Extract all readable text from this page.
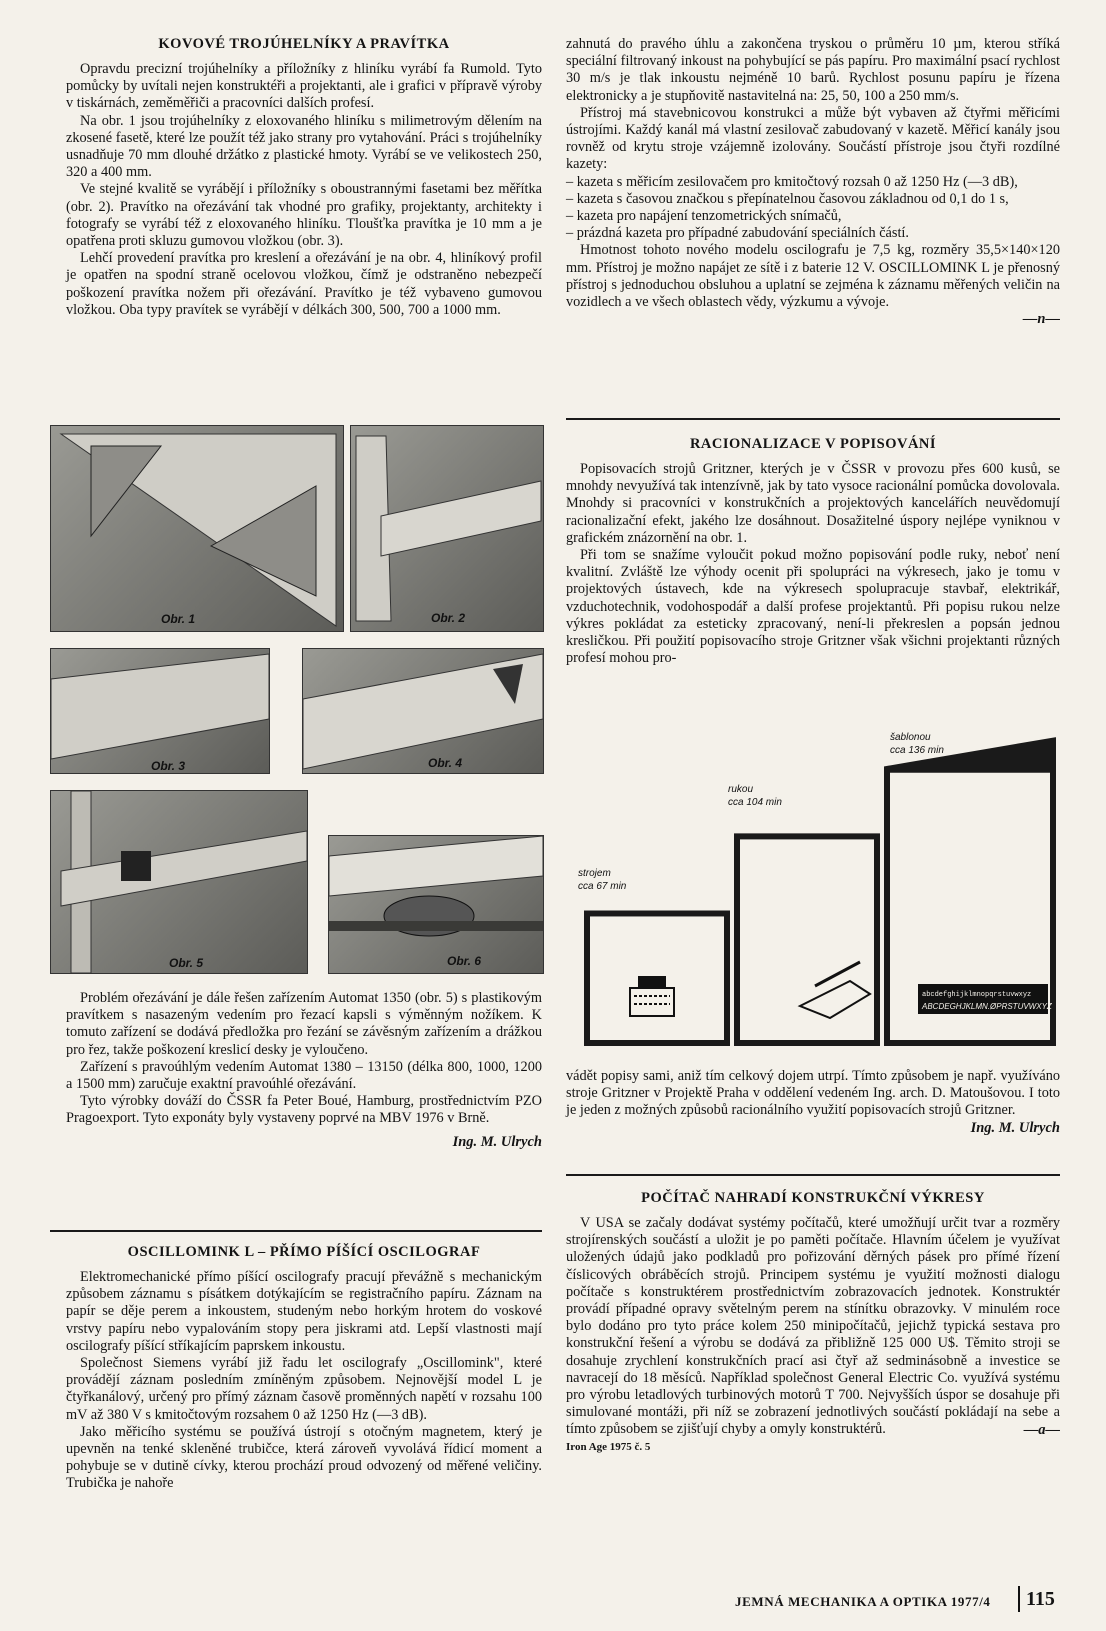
KOVOVÉ TROJÚHELNÍKY A PRAVÍTKA

Opravdu precizní trojúhelníky a příložníky z hliníku vyrábí fa Rumold. Tyto pomůcky by uvítali nejen konstruktéři a projektanti, ale i grafici v přípravě výroby v tiskárnách, zeměměřiči a pracovníci dalších profesí.

Na obr. 1 jsou trojúhelníky z eloxovaného hliníku s milimetrovým dělením na zkosené fasetě, které lze použít též jako strany pro vytahování. Práci s trojúhelníky usnadňuje 70 mm dlouhé držátko z plastické hmoty. Vyrábí se ve velikostech 250, 320 a 400 mm.

Ve stejné kvalitě se vyrábějí i příložníky s oboustrannými fasetami bez měřítka (obr. 2). Pravítko na ořezávání tak vhodné pro grafiky, projektanty, architekty i fotografy se vyrábí též z eloxovaného hliníku. Tloušťka pravítka je 10 mm a je opatřena proti skluzu gumovou vložkou (obr. 3).

Lehčí provedení pravítka pro kreslení a ořezávání je na obr. 4, hliníkový profil je opatřen na spodní straně ocelovou vložkou, čímž je odstraněno nebezpečí poškození pravítka nožem při ořezávání. Pravítko je též vybaveno gumovou vložkou. Oba typy pravítek se vyrábějí v délkách 300, 500, 700 a 1000 mm.

Obr. 1	Obr. 2
Obr. 3	Obr. 4
Obr. 5	Obr. 6

Problém ořezávání je dále řešen zařízením Automat 1350 (obr. 5) s plastikovým pravítkem s nasazeným vedením pro řezací kapsli s výměnným nožíkem. K tomuto zařízení se dodává předložka pro řezání se závěsným zařízením a drážkou pro řez, takže poškození kreslicí desky je vyloučeno.

Zařízení s pravoúhlým vedením Automat 1380 – 13150 (délka 800, 1000, 1200 a 1500 mm) zaručuje exaktní pravoúhlé ořezávání.

Tyto výrobky dováží do ČSSR fa Peter Boué, Hamburg, prostřednictvím PZO Pragoexport. Tyto exponáty byly vystaveny poprvé na MBV 1976 v Brně.

Ing. M. Ulrych
OSCILLOMINK L – PŘÍMO PÍŠÍCÍ OSCILOGRAF

Elektromechanické přímo píšící oscilografy pracují převážně s mechanickým způsobem záznamu s písátkem dotýkajícím se registračního papíru. Záznam na papír se děje perem a inkoustem, studeným nebo horkým hrotem do voskové vrstvy papíru nebo vypalováním stopy pera jiskrami atd. Lepší vlastnosti mají oscilografy píšící stříkajícím paprskem inkoustu.

Společnost Siemens vyrábí již řadu let oscilografy „Oscillomink", které provádějí záznam posledním zmíněným způsobem. Nejnovější model L je čtyřkanálový, určený pro přímý záznam časově proměnných napětí v rozsahu 100 mV až 380 V s kmitočtovým rozsahem 0 až 1250 Hz (—3 dB).

Jako měřicího systému se používá ústrojí s otočným magnetem, který je upevněn na tenké skleněné trubičce, která zároveň vyvolává řídicí moment a pohybuje se v dutině cívky, kterou prochází proud odvozený od měřené veličiny. Trubička je nahoře

zahnutá do pravého úhlu a zakončena tryskou o průměru 10 µm, kterou stříká speciální filtrovaný inkoust na pohybující se pás papíru. Pro maximální psací rychlost 30 m/s je tlak inkoustu nejméně 10 barů. Rychlost posunu papíru je řízena elektronicky a je stupňovitě nastavitelná na: 25, 50, 100 a 250 mm/s.

Přístroj má stavebnicovou konstrukci a může být vybaven až čtyřmi měřicími ústrojími. Každý kanál má vlastní zesilovač zabudovaný v kazetě. Měřicí kanály jsou rovněž od krytu stroje vzájemně izolovány. Součástí přístroje jsou čtyři rozdílné kazety:

– kazeta s měřicím zesilovačem pro kmitočtový rozsah 0 až 1250 Hz (—3 dB),
– kazeta s časovou značkou s přepínatelnou časovou základnou od 0,1 do 1 s,
– kazeta pro napájení tenzometrických snímačů,
– prázdná kazeta pro případné zabudování speciálních částí.

Hmotnost tohoto nového modelu oscilografu je 7,5 kg, rozměry 35,5×140×120 mm. Přístroj je možno napájet ze sítě i z baterie 12 V. OSCILLOMINK L je přenosný přístroj s jednoduchou obsluhou a uplatní se zejména k záznamu měřených veličin na vozidlech a ve všech oblastech vědy, výzkumu a vývoje.

—n—
RACIONALIZACE V POPISOVÁNÍ

Popisovacích strojů Gritzner, kterých je v ČSSR v provozu přes 600 kusů, se mnohdy nevyužívá tak intenzívně, jak by tato vysoce racionální pomůcka dovolovala. Mnohdy si pracovníci v konstrukčních a projektových kancelářích neuvědomují racionalizační efekt, jakého lze dosáhnout. Dosažitelné úspory nejlépe vyniknou v grafickém znázornění na obr. 1.

Při tom se snažíme vyloučit pokud možno popisování podle ruky, neboť není kvalitní. Zvláště lze výhody ocenit při spolupráci na výkresech, jako je tomu v projektových ústavech, kde na výkresech spolupracuje stavbař, elektrikář, vzduchotechnik, vodohospodář a další profese projektantů. Při popisu rukou nelze výkres pokládat za esteticky zpracovaný, není-li překreslen a popsán jednou kresličkou. Při použití popisovacího stroje Gritzner však všichni projektanti různých profesí mohou pro-

abcdefghijklmnopqrstuvwxyz
ABCDEGHJKLMN.ØPRSTUVWXYZ
strojem
cca 67 min
rukou
cca 104 min
šablonou
cca 136 min

vádět popisy sami, aniž tím celkový dojem utrpí. Tímto způsobem je např. využíváno stroje Gritzner v Projektě Praha v oddělení vedeném Ing. arch. D. Matoušovou. I toto je jeden z možných způsobů racionálního využití popisovacích strojů Gritzner.

Ing. M. Ulrych
POČÍTAČ NAHRADÍ KONSTRUKČNÍ VÝKRESY

V USA se začaly dodávat systémy počítačů, které umožňují určit tvar a rozměry strojírenských součástí a uložit je po paměti počítače. Hlavním účelem je využívat uložených údajů jako podkladů pro pořizování děrných pásek pro přímé řízení číslicových obráběcích strojů. Principem systému je využití možnosti dialogu počítače s konstruktérem prostřednictvím zobrazovacích jednotek. Konstruktér provádí případné opravy světelným perem na stínítku obrazovky. V minulém roce bylo dodáno pro tyto práce kolem 250 minipočítačů, jejichž typická sestava pro konstrukční řešení a výrobu se dodává za přibližně 125 000 U$. Těmito stroji se dosahuje zrychlení konstrukčních prací asi čtyř až sedminásobně a investice se navracejí do 18 měsíců. Například společnost General Electric Co. využívá systému pro výrobu letadlových turbinových motorů T 700. Nejvyšších úspor se dosahuje při simulované montáži, při níž se zobrazení jednotlivých součástí pokládají na sebe a tímto způsobem se zjišťují chyby a omyly konstruktérů.	—a—
Iron Age 1975 č. 5
JEMNÁ MECHANIKA A OPTIKA 1977/4 115
